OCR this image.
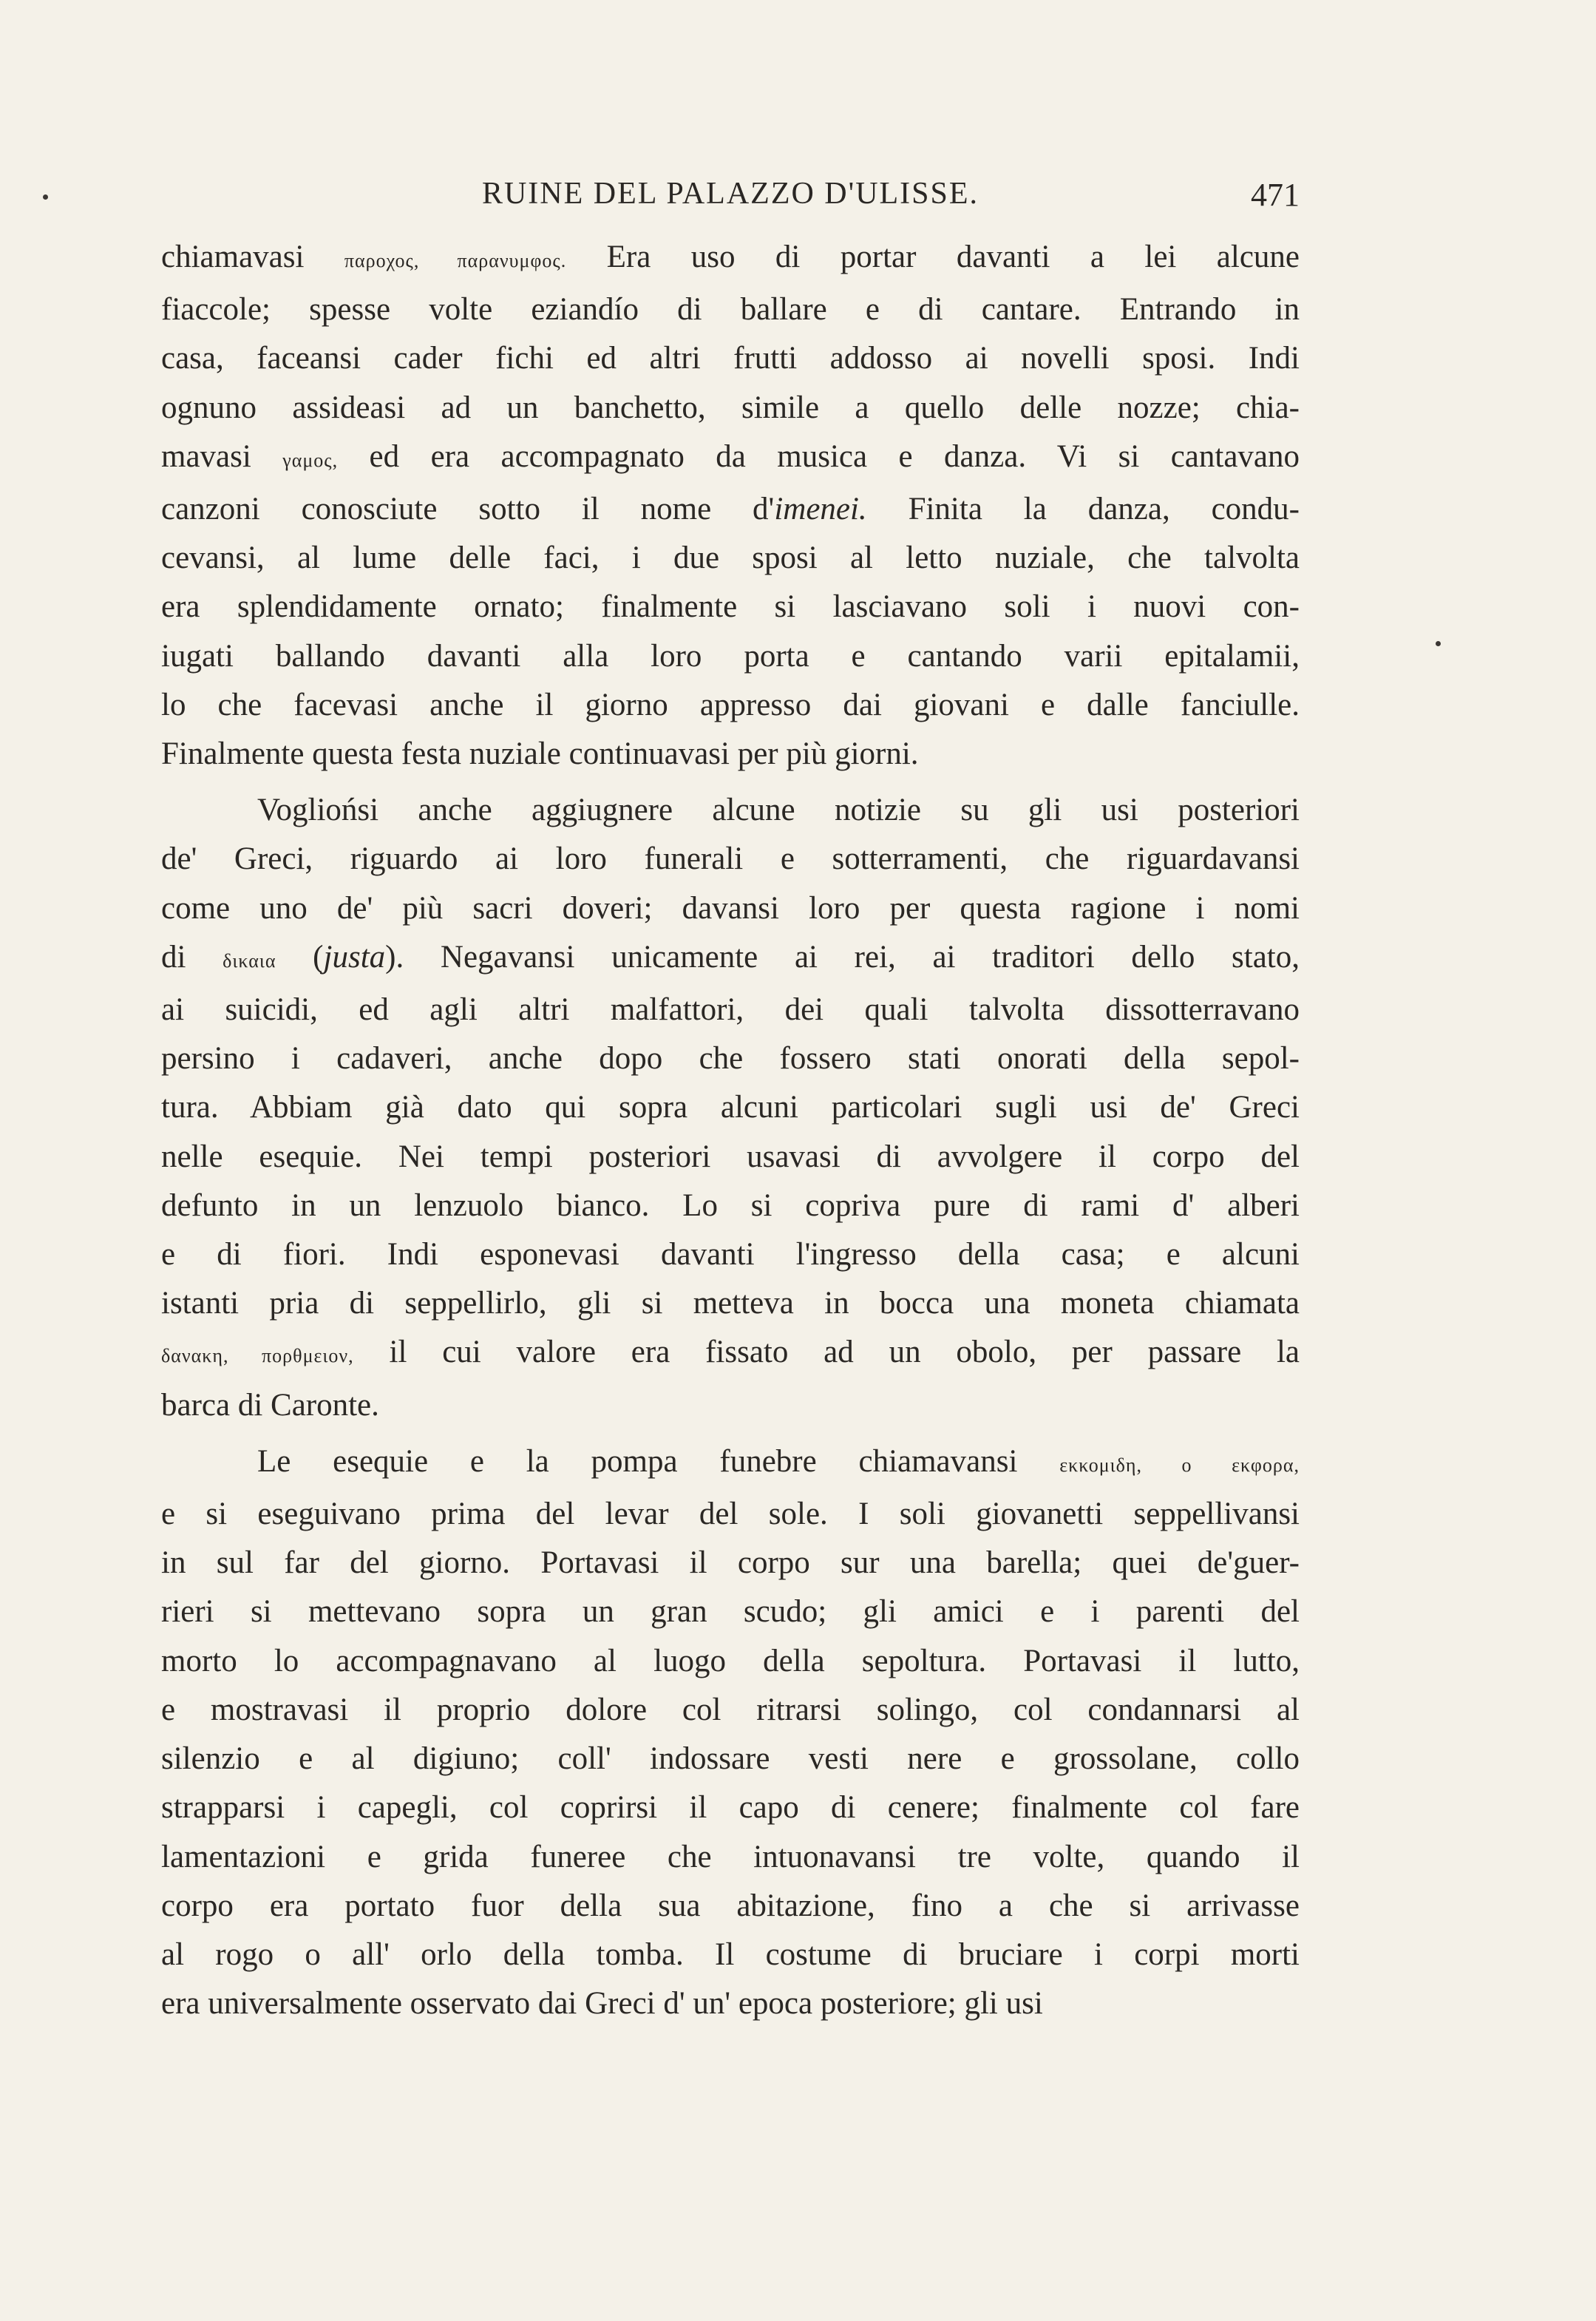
RUINE DEL PALAZZO D'ULISSE.	471

chiamavasi παροχος, παρανυμφος. Era uso di portar davanti a lei alcune

fiaccole; spesse volte eziandío di ballare e di cantare. Entrando in

casa, faceansi cader fichi ed altri frutti addosso ai novelli sposi. Indi

ognuno assideasi ad un banchetto, simile a quello delle nozze; chia-

mavasi γαμος, ed era accompagnato da musica e danza. Vi si cantavano

canzoni conosciute sotto il nome d'imenei. Finita la danza, condu-

cevansi, al lume delle faci, i due sposi al letto nuziale, che talvolta

era splendidamente ornato; finalmente si lasciavano soli i nuovi con-

iugati ballando davanti alla loro porta e cantando varii epitalamii,

lo che facevasi anche il giorno appresso dai giovani e dalle fanciulle.

Finalmente questa festa nuziale continuavasi per più giorni.

Vogliońsi anche aggiugnere alcune notizie su gli usi posteriori

de' Greci, riguardo ai loro funerali e sotterramenti, che riguardavansi

come uno de' più sacri doveri; davansi loro per questa ragione i nomi

di δικαια (justa). Negavansi unicamente ai rei, ai traditori dello stato,

ai suicidi, ed agli altri malfattori, dei quali talvolta dissotterravano

persino i cadaveri, anche dopo che fossero stati onorati della sepol-

tura. Abbiam già dato qui sopra alcuni particolari sugli usi de' Greci

nelle esequie. Nei tempi posteriori usavasi di avvolgere il corpo del

defunto in un lenzuolo bianco. Lo si copriva pure di rami d' alberi

e di fiori. Indi esponevasi davanti l'ingresso della casa; e alcuni

istanti pria di seppellirlo, gli si metteva in bocca una moneta chiamata

δανακη, πορθμειον, il cui valore era fissato ad un obolo, per passare la

barca di Caronte.

Le esequie e la pompa funebre chiamavansi εκκομιδη, ο εκφορα,

e si eseguivano prima del levar del sole. I soli giovanetti seppellivansi

in sul far del giorno. Portavasi il corpo sur una barella; quei de'guer-

rieri si mettevano sopra un gran scudo; gli amici e i parenti del

morto lo accompagnavano al luogo della sepoltura. Portavasi il lutto,

e mostravasi il proprio dolore col ritrarsi solingo, col condannarsi al

silenzio e al digiuno; coll' indossare vesti nere e grossolane, collo

strapparsi i capegli, col coprirsi il capo di cenere; finalmente col fare

lamentazioni e grida funeree che intuonavansi tre volte, quando il

corpo era portato fuor della sua abitazione, fino a che si arrivasse

al rogo o all' orlo della tomba. Il costume di bruciare i corpi morti

era universalmente osservato dai Greci d' un' epoca posteriore; gli usi
